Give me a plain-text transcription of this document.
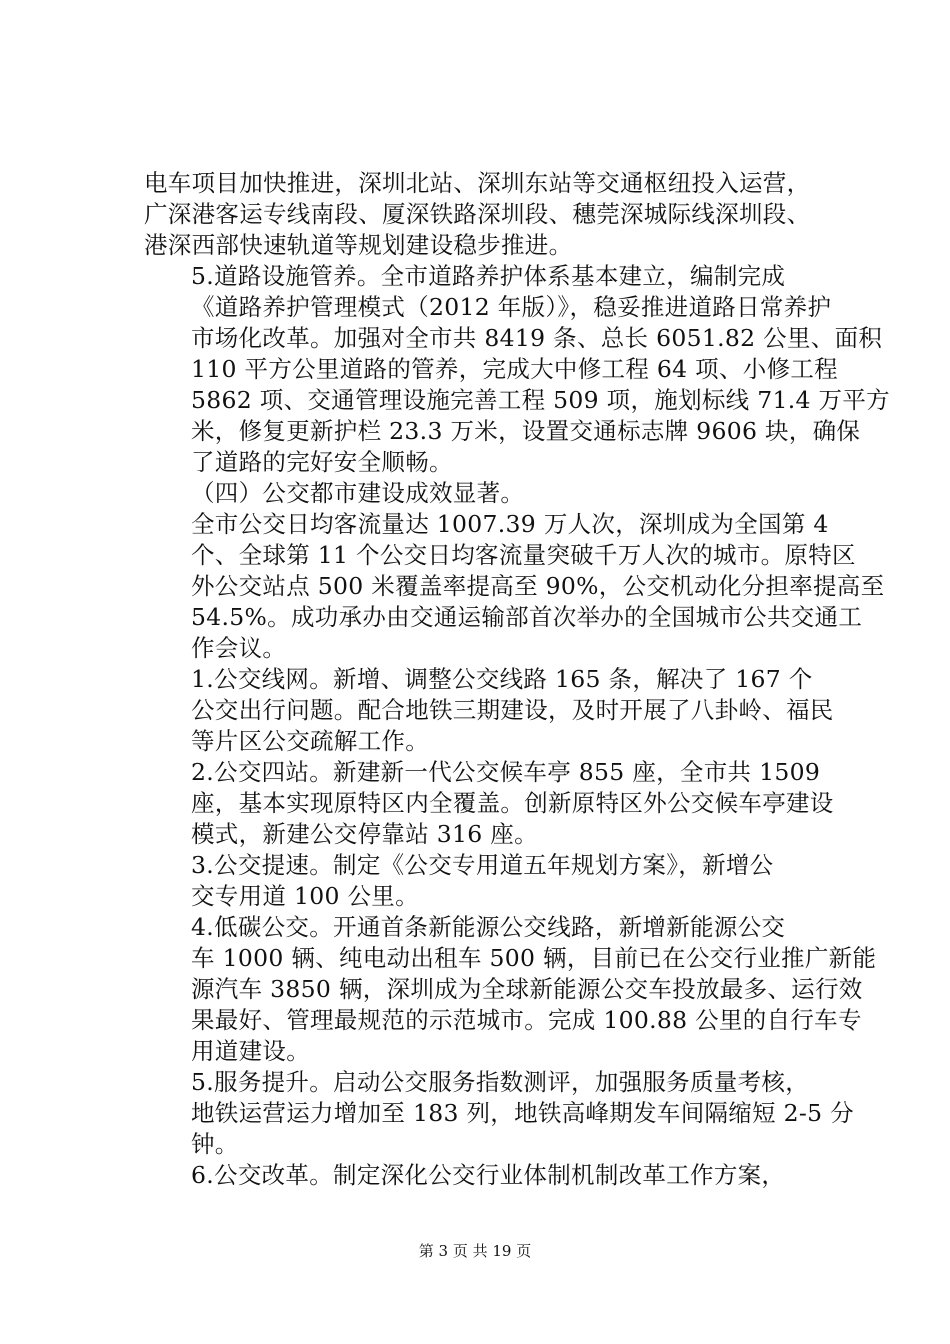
电车项目加快推进，深圳北站、深圳东站等交通枢纽投入运营，
广深港客运专线南段、厦深铁路深圳段、穗莞深城际线深圳段、
港深西部快速轨道等规划建设稳步推进。

5.道路设施管养。全市道路养护体系基本建立，编制完成
《道路养护管理模式（2012 年版）》，稳妥推进道路日常养护
市场化改革。加强对全市共 8419 条、总长 6051.82 公里、面积
110 平方公里道路的管养，完成大中修工程 64 项、小修工程
5862 项、交通管理设施完善工程 509 项，施划标线 71.4 万平方
米，修复更新护栏 23.3 万米，设置交通标志牌 9606 块，确保
了道路的完好安全顺畅。

（四）公交都市建设成效显著。

全市公交日均客流量达 1007.39 万人次，深圳成为全国第 4
个、全球第 11 个公交日均客流量突破千万人次的城市。原特区
外公交站点 500 米覆盖率提高至 90%，公交机动化分担率提高至
54.5%。成功承办由交通运输部首次举办的全国城市公共交通工
作会议。

1.公交线网。新增、调整公交线路 165 条，解决了 167 个
公交出行问题。配合地铁三期建设，及时开展了八卦岭、福民
等片区公交疏解工作。

2.公交四站。新建新一代公交候车亭 855 座，全市共 1509
座，基本实现原特区内全覆盖。创新原特区外公交候车亭建设
模式，新建公交停靠站 316 座。

3.公交提速。制定《公交专用道五年规划方案》，新增公
交专用道 100 公里。

4.低碳公交。开通首条新能源公交线路，新增新能源公交
车 1000 辆、纯电动出租车 500 辆，目前已在公交行业推广新能
源汽车 3850 辆，深圳成为全球新能源公交车投放最多、运行效
果最好、管理最规范的示范城市。完成 100.88 公里的自行车专
用道建设。

5.服务提升。启动公交服务指数测评，加强服务质量考核，
地铁运营运力增加至 183 列，地铁高峰期发车间隔缩短 2-5 分
钟。

6.公交改革。制定深化公交行业体制机制改革工作方案，

第 3 页 共 19 页
